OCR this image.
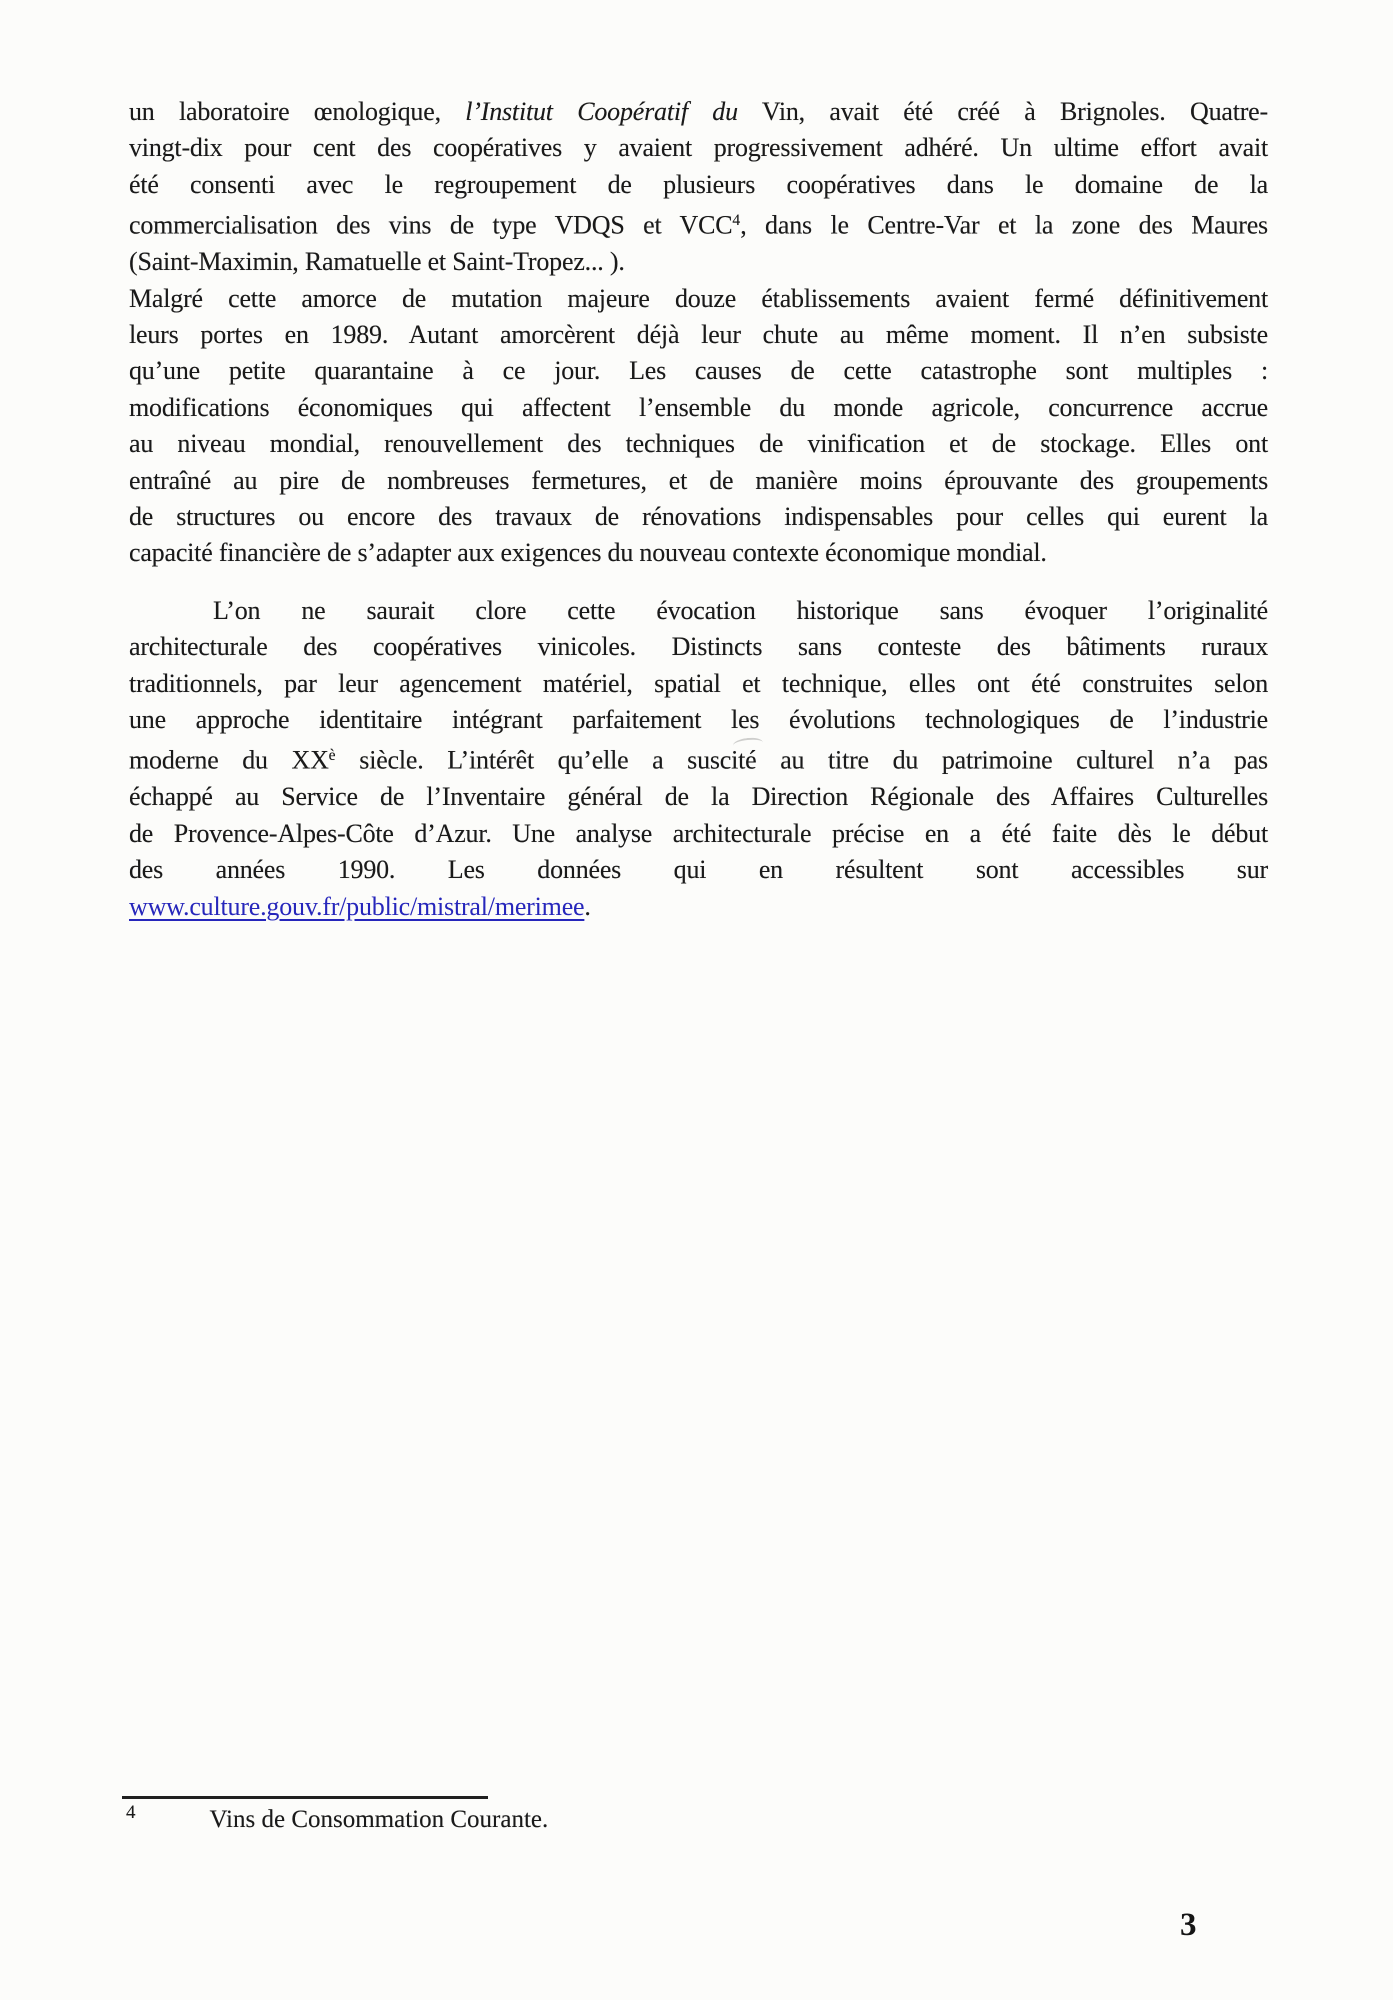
un laboratoire œnologique, l’Institut Coopératif du Vin, avait été créé à Brignoles. Quatre-
vingt-dix pour cent des coopératives y avaient progressivement adhéré. Un ultime effort avait
été consenti avec le regroupement de plusieurs coopératives dans le domaine de la
commercialisation des vins de type VDQS et VCC$^4$, dans le Centre-Var et la zone des Maures
(Saint-Maximin, Ramatuelle et Saint-Tropez... ).
Malgré cette amorce de mutation majeure douze établissements avaient fermé définitivement
leurs portes en 1989. Autant amorcèrent déjà leur chute au même moment. Il n’en subsiste
qu’une petite quarantaine à ce jour. Les causes de cette catastrophe sont multiples :
modifications économiques qui affectent l’ensemble du monde agricole, concurrence accrue
au niveau mondial, renouvellement des techniques de vinification et de stockage. Elles ont
entraîné au pire de nombreuses fermetures, et de manière moins éprouvante des groupements
de structures ou encore des travaux de rénovations indispensables pour celles qui eurent la
capacité financière de s’adapter aux exigences du nouveau contexte économique mondial.
L’on ne saurait clore cette évocation historique sans évoquer l’originalité
architecturale des coopératives vinicoles. Distincts sans conteste des bâtiments ruraux
traditionnels, par leur agencement matériel, spatial et technique, elles ont été construites selon
une approche identitaire intégrant parfaitement les évolutions technologiques de l’industrie
moderne du $XX^è$ siècle. L’intérêt qu’elle a suscité au titre du patrimoine culturel n’a pas
échappé au Service de l’Inventaire général de la Direction Régionale des Affaires Culturelles
de Provence-Alpes-Côte d’Azur. Une analyse architecturale précise en a été faite dès le début
des années 1990. Les données qui en résultent sont accessibles sur
www.culture.gouv.fr/public/mistral/merimee.
$^4$	Vins de Consommation Courante.
3
